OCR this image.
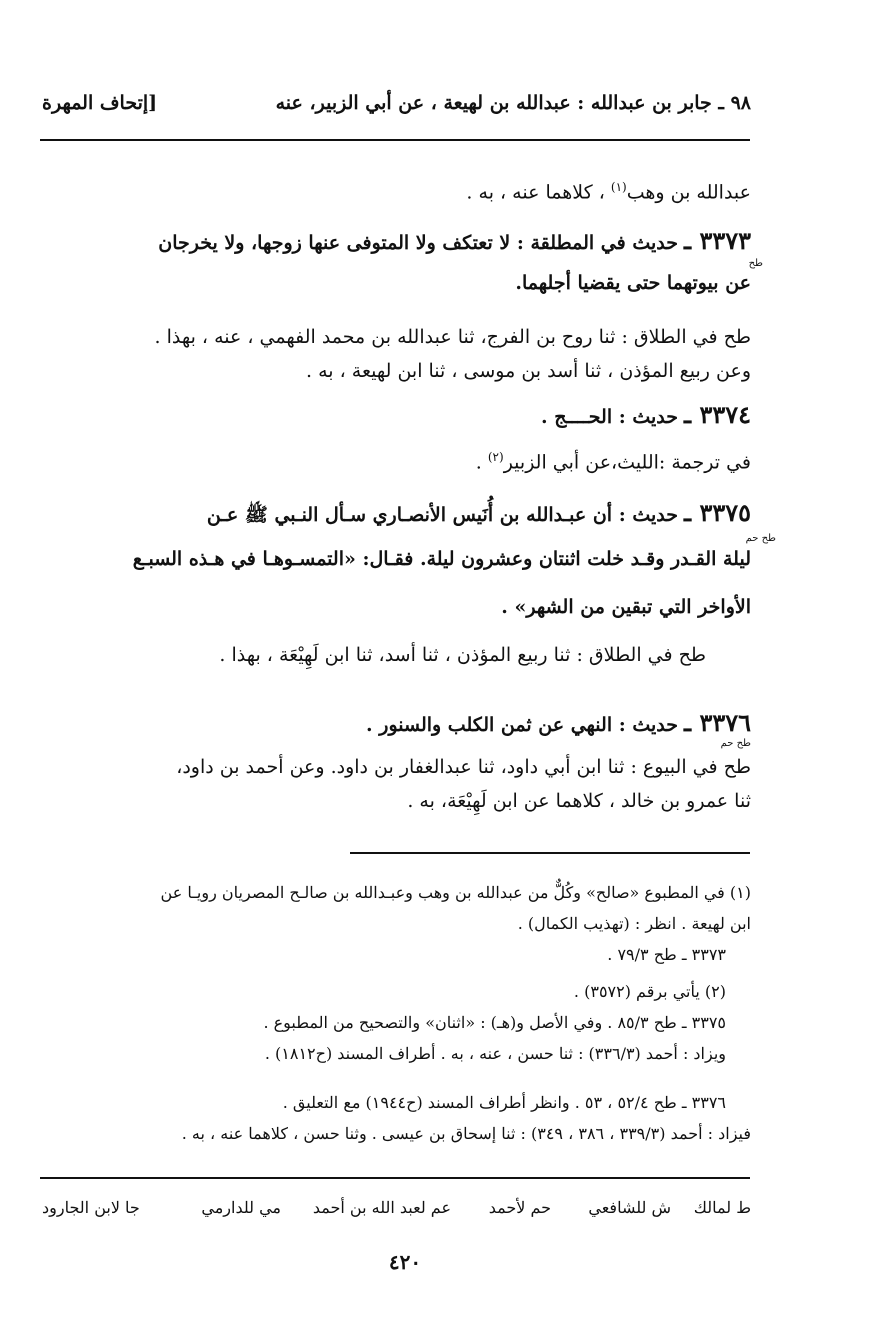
٩٨ ـ جابر بن عبدالله : عبدالله بن لهيعة ، عن أبي الزبير، عنه
[إتحاف المهرة
عبدالله بن وهب$^{(١)}$ ، كلاهما عنه ، به .
٣٣٧٣ ـ حديث في المطلقة : لا تعتكف ولا المتوفى عنها زوجها، ولا يخرجان
طح
عن بيوتهما حتى يقضيا أجلهما.
طح في الطلاق : ثنا روح بن الفرج، ثنا عبدالله بن محمد الفهمي ، عنه ، بهذا .
وعن ربيع المؤذن ، ثنا أسد بن موسى ، ثنا ابن لهيعة ، به .
٣٣٧٤ ـ حديث : الحــــج .
في ترجمة :الليث،عن أبي الزبير$^{(٢)}$ .
٣٣٧٥ ـ حديث : أن عبـدالله بن أُنَيس الأنصـاري سـأل النـبي ﷺ عـن
طح حم
ليلة القـدر وقـد خلت اثنتان وعشرون ليلة. فقـال: «التمسـوهـا في هـذه السبـع
الأواخر التي تبقين من الشهر» .
طح في الطلاق : ثنا ربيع المؤذن ، ثنا أسد، ثنا ابن لَهِيْعَة ، بهذا .
٣٣٧٦ ـ حديث : النهي عن ثمن الكلب والسنور .
طح حم
طح في البيوع : ثنا ابن أبي داود، ثنا عبدالغفار بن داود. وعن أحمد بن داود،
ثنا عمرو بن خالد ، كلاهما عن ابن لَهِيْعَة، به .
(١) في المطبوع «صالح» وكُلٌّ من عبدالله بن وهب وعبـدالله بن صالـح المصريان رويـا عن
ابن لهيعة . انظر : (تهذيب الكمال) .
٣٣٧٣ ـ طح ٧٩/٣ .
(٢) يأتي برقم (٣٥٧٢) .
٣٣٧٥ ـ طح ٨٥/٣ . وفي الأصل و(هـ) : «اثنان» والتصحيح من المطبوع .
ويزاد : أحمد (٣٣٦/٣) : ثنا حسن ، عنه ، به . أطراف المسند (ح١٨١٢) .
٣٣٧٦ ـ طح ٥٢/٤ ، ٥٣ . وانظر أطراف المسند (ح١٩٤٤) مع التعليق .
فيزاد : أحمد (٣٣٩/٣ ، ٣٨٦ ، ٣٤٩) : ثنا إسحاق بن عيسى . وثنا حسن ، كلاهما عنه ، به .
ط لمالك
ش للشافعي
حم لأحمد
عم لعبد الله بن أحمد
مي للدارمي
جا لابن الجارود
٤٢٠
